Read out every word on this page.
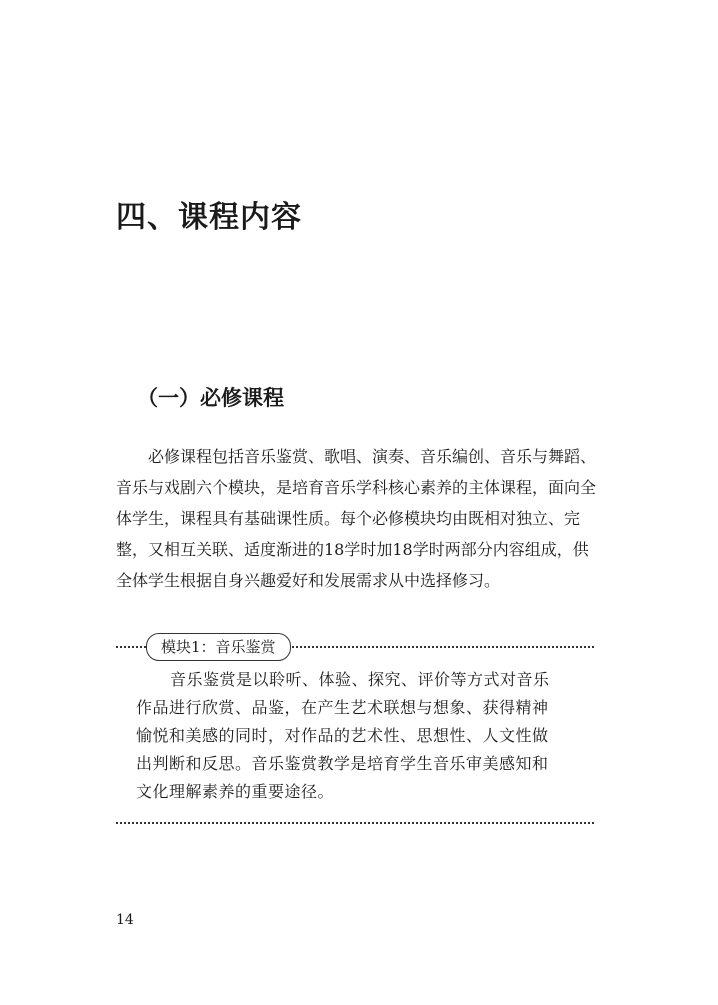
四、课程内容
（一）必修课程
必修课程包括音乐鉴赏、歌唱、演奏、音乐编创、音乐与舞蹈、
音乐与戏剧六个模块，是培育音乐学科核心素养的主体课程，面向全
体学生，课程具有基础课性质。每个必修模块均由既相对独立、完
整，又相互关联、适度渐进的18学时加18学时两部分内容组成，供
全体学生根据自身兴趣爱好和发展需求从中选择修习。
模块1：音乐鉴赏
音乐鉴赏是以聆听、体验、探究、评价等方式对音乐
作品进行欣赏、品鉴，在产生艺术联想与想象、获得精神
愉悦和美感的同时，对作品的艺术性、思想性、人文性做
出判断和反思。音乐鉴赏教学是培育学生音乐审美感知和
文化理解素养的重要途径。
14
